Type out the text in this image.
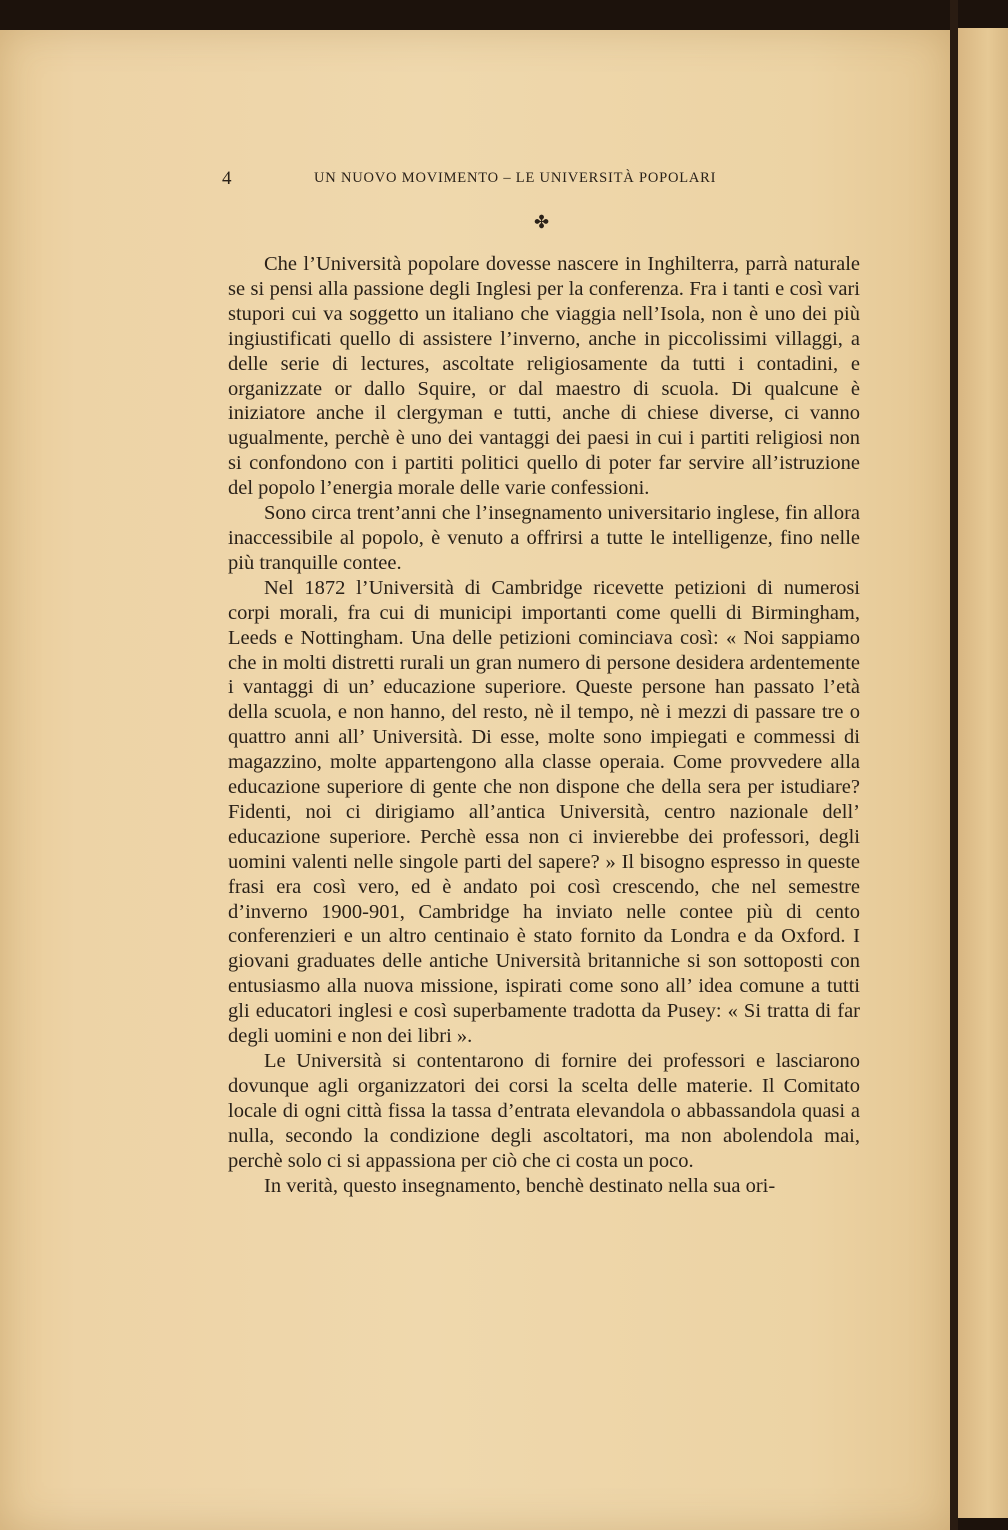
4	UN NUOVO MOVIMENTO – LE UNIVERSITÀ POPOLARI
✤

Che l’Università popolare dovesse nascere in Inghilterra, parrà naturale se si pensi alla passione degli Inglesi per la conferenza. Fra i tanti e così vari stupori cui va soggetto un italiano che viaggia nell’Isola, non è uno dei più ingiustificati quello di assistere l’inverno, anche in piccolissimi villaggi, a delle serie di lectures, ascoltate religiosamente da tutti i contadini, e organizzate or dallo Squire, or dal maestro di scuola. Di qualcune è iniziatore anche il clergyman e tutti, anche di chiese diverse, ci vanno ugualmente, perchè è uno dei vantaggi dei paesi in cui i partiti religiosi non si confondono con i partiti politici quello di poter far servire all’istruzione del popolo l’energia morale delle varie confessioni.

Sono circa trent’anni che l’insegnamento universitario inglese, fin allora inaccessibile al popolo, è venuto a offrirsi a tutte le intelligenze, fino nelle più tranquille contee.

Nel 1872 l’Università di Cambridge ricevette petizioni di numerosi corpi morali, fra cui di municipi importanti come quelli di Birmingham, Leeds e Nottingham. Una delle petizioni cominciava così: « Noi sappiamo che in molti distretti rurali un gran numero di persone desidera ardentemente i vantaggi di un’ educazione superiore. Queste persone han passato l’età della scuola, e non hanno, del resto, nè il tempo, nè i mezzi di passare tre o quattro anni all’ Università. Di esse, molte sono impiegati e commessi di magazzino, molte appartengono alla classe operaia. Come provvedere alla educazione superiore di gente che non dispone che della sera per istudiare? Fidenti, noi ci dirigiamo all’antica Università, centro nazionale dell’ educazione superiore. Perchè essa non ci invierebbe dei professori, degli uomini valenti nelle singole parti del sapere? » Il bisogno espresso in queste frasi era così vero, ed è andato poi così crescendo, che nel semestre d’inverno 1900-901, Cambridge ha inviato nelle contee più di cento conferenzieri e un altro centinaio è stato fornito da Londra e da Oxford. I giovani graduates delle antiche Università britanniche si son sottoposti con entusiasmo alla nuova missione, ispirati come sono all’ idea comune a tutti gli educatori inglesi e così superbamente tradotta da Pusey: « Si tratta di far degli uomini e non dei libri ».

Le Università si contentarono di fornire dei professori e lasciarono dovunque agli organizzatori dei corsi la scelta delle materie. Il Comitato locale di ogni città fissa la tassa d’entrata elevandola o abbassandola quasi a nulla, secondo la condizione degli ascoltatori, ma non abolendola mai, perchè solo ci si appassiona per ciò che ci costa un poco.

In verità, questo insegnamento, benchè destinato nella sua ori-
